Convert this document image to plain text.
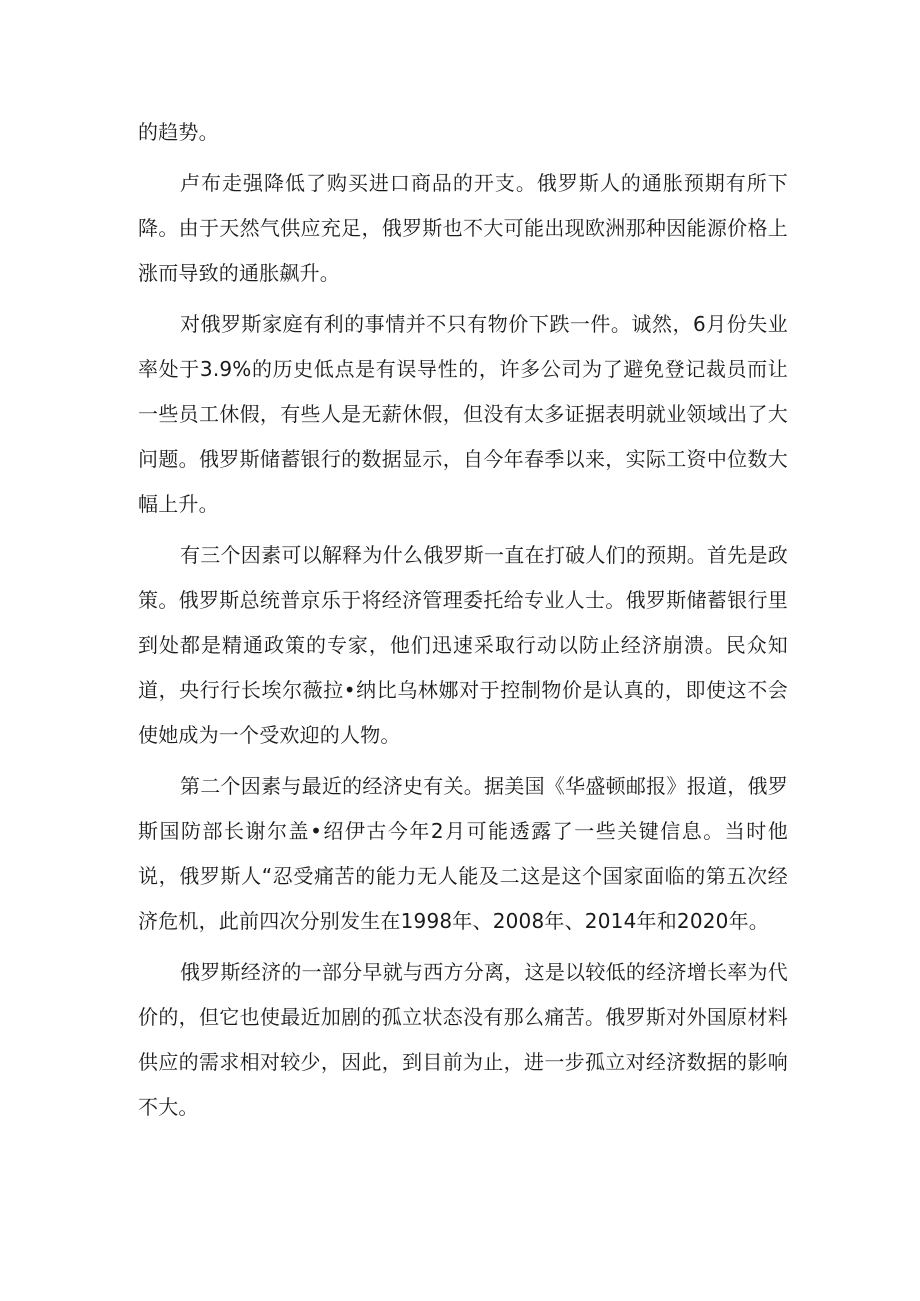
的趋势。

卢布走强降低了购买进口商品的开支。俄罗斯人的通胀预期有所下降。由于天然气供应充足，俄罗斯也不大可能出现欧洲那种因能源价格上涨而导致的通胀飙升。

对俄罗斯家庭有利的事情并不只有物价下跌一件。诚然，6月份失业率处于3.9%的历史低点是有误导性的，许多公司为了避免登记裁员而让一些员工休假，有些人是无薪休假，但没有太多证据表明就业领域出了大问题。俄罗斯储蓄银行的数据显示，自今年春季以来，实际工资中位数大幅上升。

有三个因素可以解释为什么俄罗斯一直在打破人们的预期。首先是政策。俄罗斯总统普京乐于将经济管理委托给专业人士。俄罗斯储蓄银行里到处都是精通政策的专家，他们迅速采取行动以防止经济崩溃。民众知道，央行行长埃尔薇拉•纳比乌林娜对于控制物价是认真的，即使这不会使她成为一个受欢迎的人物。

第二个因素与最近的经济史有关。据美国《华盛顿邮报》报道，俄罗斯国防部长谢尔盖•绍伊古今年2月可能透露了一些关键信息。当时他说，俄罗斯人“忍受痛苦的能力无人能及二这是这个国家面临的第五次经济危机，此前四次分别发生在1998年、2008年、2014年和2020年。

俄罗斯经济的一部分早就与西方分离，这是以较低的经济增长率为代价的，但它也使最近加剧的孤立状态没有那么痛苦。俄罗斯对外国原材料供应的需求相对较少，因此，到目前为止，进一步孤立对经济数据的影响不大。
